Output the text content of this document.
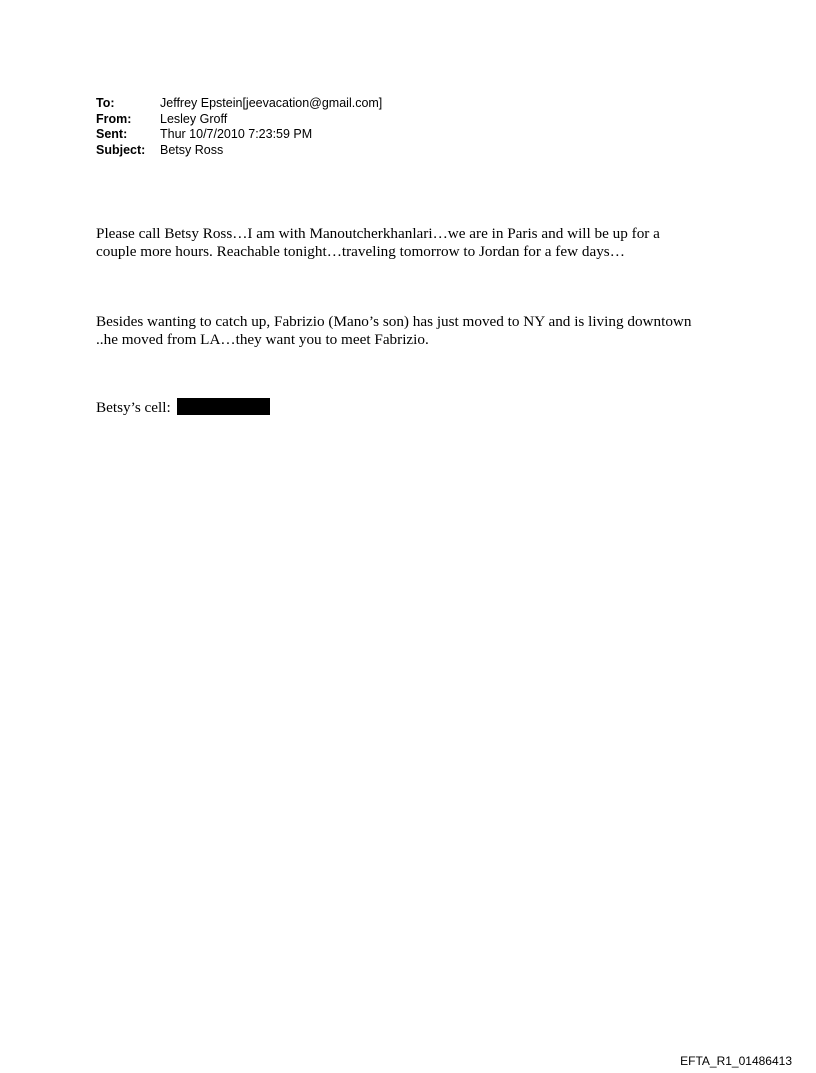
To:	Jeffrey Epstein[jeevacation@gmail.com]
From:	Lesley Groff
Sent:	Thur 10/7/2010 7:23:59 PM
Subject:	Betsy Ross
Please call Betsy Ross…I am with Manoutcherkhanlari…we are in Paris and will be up for a
couple more hours. Reachable tonight…traveling tomorrow to Jordan for a few days…
Besides wanting to catch up, Fabrizio (Mano’s son) has just moved to NY and is living downtown
..he moved from LA…they want you to meet Fabrizio.
Betsy’s cell:
EFTA_R1_01486413
